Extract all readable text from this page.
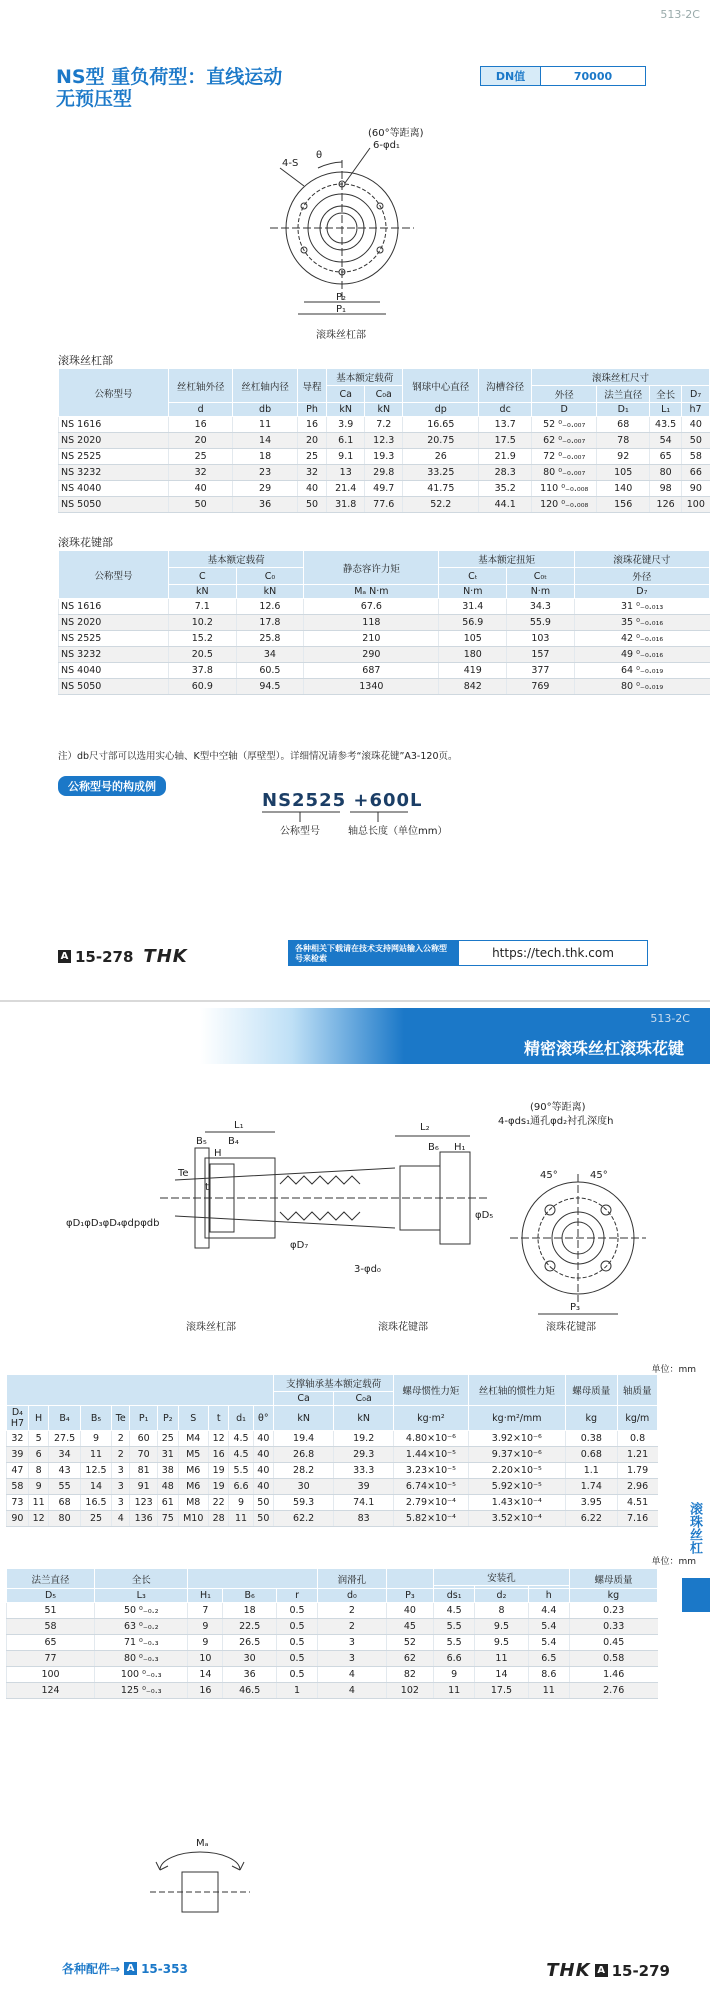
513-2C
NS型 重负荷型：直线运动
无预压型
DN值	70000
(60°等距离)
6-φd₁
θ
4-S
P₂
P₁
滚珠丝杠部
滚珠丝杠部
公称型号	丝杠轴外径	丝杠轴内径	导程	基本额定载荷		钢球中心直径	沟槽谷径	滚珠丝杠尺寸			
				Ca	C₀a			外径	法兰直径	全长	D₇
	d	db	Ph	kN	kN	dp	dc	D	D₁	L₁	h7
NS 1616	16	11	16	3.9	7.2	16.65	13.7	52 ⁰₋₀.₀₀₇	68	43.5	40
NS 2020	20	14	20	6.1	12.3	20.75	17.5	62 ⁰₋₀.₀₀₇	78	54	50
NS 2525	25	18	25	9.1	19.3	26	21.9	72 ⁰₋₀.₀₀₇	92	65	58
NS 3232	32	23	32	13	29.8	33.25	28.3	80 ⁰₋₀.₀₀₇	105	80	66
NS 4040	40	29	40	21.4	49.7	41.75	35.2	110 ⁰₋₀.₀₀₈	140	98	90
NS 5050	50	36	50	31.8	77.6	52.2	44.1	120 ⁰₋₀.₀₀₈	156	126	100
滚珠花键部
公称型号	基本额定载荷		静态容许力矩	基本额定扭矩		滚珠花键尺寸
	C	C₀		Cₜ	C₀ₜ	外径
	kN	kN	Mₐ N·m	N·m	N·m	D₇
NS 1616	7.1	12.6	67.6	31.4	34.3	31 ⁰₋₀.₀₁₃
NS 2020	10.2	17.8	118	56.9	55.9	35 ⁰₋₀.₀₁₆
NS 2525	15.2	25.8	210	105	103	42 ⁰₋₀.₀₁₆
NS 3232	20.5	34	290	180	157	49 ⁰₋₀.₀₁₆
NS 4040	37.8	60.5	687	419	377	64 ⁰₋₀.₀₁₉
NS 5050	60.9	94.5	1340	842	769	80 ⁰₋₀.₀₁₉
注）db尺寸部可以选用实心轴、K型中空轴（厚壁型）。详细情况请参考“滚珠花键”A3-120页。
公称型号的构成例
NS2525 +600L
公称型号	轴总长度（单位mm）
A 15-278 THK	各种相关下载请在技术支持网站输入公称型号来检索	https://tech.thk.com
513-2C
精密滚珠丝杠滚珠花键
L₁
B₄
B₅
H
Te
t
φD₁φD₃φD₄φdpφdb
φD₇
L₂
B₆ H₁
φD₅
3-φd₀
(90°等距离)
4-φds₁通孔φd₂衬孔深度h
45°	45°
P₃
滚珠丝杠部	滚珠花键部	滚珠花键部
单位：mm
											支撑轴承基本额定载荷		螺母惯性力矩	丝杠轴的惯性力矩	螺母质量	轴质量
											Ca	C₀a				
D₄
H7	H	B₄	B₅	Te	P₁	P₂	S	t	d₁	θ°	kN	kN	kg·m²	kg·m²/mm	kg	kg/m
32	5	27.5	9	2	60	25	M4	12	4.5	40	19.4	19.2	4.80×10⁻⁶	3.92×10⁻⁶	0.38	0.8
39	6	34	11	2	70	31	M5	16	4.5	40	26.8	29.3	1.44×10⁻⁵	9.37×10⁻⁶	0.68	1.21
47	8	43	12.5	3	81	38	M6	19	5.5	40	28.2	33.3	3.23×10⁻⁵	2.20×10⁻⁵	1.1	1.79
58	9	55	14	3	91	48	M6	19	6.6	40	30	39	6.74×10⁻⁵	5.92×10⁻⁵	1.74	2.96
73	11	68	16.5	3	123	61	M8	22	9	50	59.3	74.1	2.79×10⁻⁴	1.43×10⁻⁴	3.95	4.51
90	12	80	25	4	136	75	M10	28	11	50	62.2	83	5.82×10⁻⁴	3.52×10⁻⁴	6.22	7.16	滚珠丝杠
单位：mm
法兰直径	全长				润滑孔		安装孔			螺母质量

D₅	L₃	H₁	B₆	r	d₀	P₃	ds₁	d₂	h	kg
51	50 ⁰₋₀.₂	7	18	0.5	2	40	4.5	8	4.4	0.23
58	63 ⁰₋₀.₂	9	22.5	0.5	2	45	5.5	9.5	5.4	0.33
65	71 ⁰₋₀.₃	9	26.5	0.5	3	52	5.5	9.5	5.4	0.45
77	80 ⁰₋₀.₃	10	30	0.5	3	62	6.6	11	6.5	0.58
100	100 ⁰₋₀.₃	14	36	0.5	4	82	9	14	8.6	1.46
124	125 ⁰₋₀.₃	16	46.5	1	4	102	11	17.5	11	2.76
Mₐ
各种配件⇒ A 15-353	THK A 15-279
